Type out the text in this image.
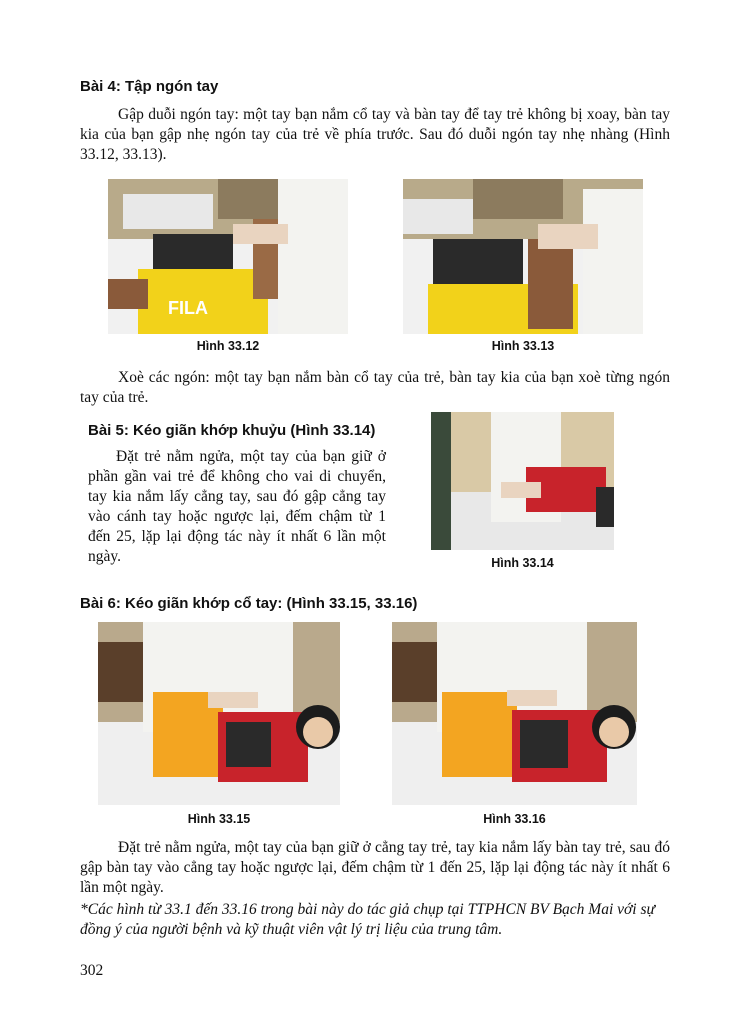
Bài 4: Tập ngón tay
Gập duỗi ngón tay: một tay bạn nắm cổ tay và bàn tay để tay trẻ không bị xoay, bàn tay kia của bạn gập nhẹ ngón tay của trẻ về phía trước. Sau đó duỗi ngón tay nhẹ nhàng (Hình 33.12, 33.13).
FILA
Hình 33.12	Hình 33.13
Xoè các ngón: một tay bạn nắm bàn cổ tay của trẻ, bàn tay kia của bạn xoè từng ngón tay của trẻ.
Bài 5: Kéo giãn khớp khuỷu (Hình 33.14)
Đặt trẻ nằm ngửa, một tay của bạn giữ ở phần gần vai trẻ để không cho vai di chuyển, tay kia nắm lấy cẳng tay, sau đó gập cẳng tay vào cánh tay hoặc ngược lại, đếm chậm từ 1 đến 25, lặp lại động tác này ít nhất 6 lần một ngày.	Hình 33.14
Bài 6: Kéo giãn khớp cổ tay: (Hình 33.15, 33.16)
Hình 33.15	Hình 33.16
Đặt trẻ nằm ngửa, một tay của bạn giữ ở cẳng tay trẻ, tay kia nắm lấy bàn tay trẻ, sau đó gập bàn tay vào cẳng tay hoặc ngược lại, đếm chậm từ 1 đến 25, lặp lại động tác này ít nhất 6 lần một ngày.
*Các hình từ 33.1 đến 33.16 trong bài này do tác giả chụp tại TTPHCN BV Bạch Mai với sự đồng ý của người bệnh và kỹ thuật viên vật lý trị liệu của trung tâm.
302
